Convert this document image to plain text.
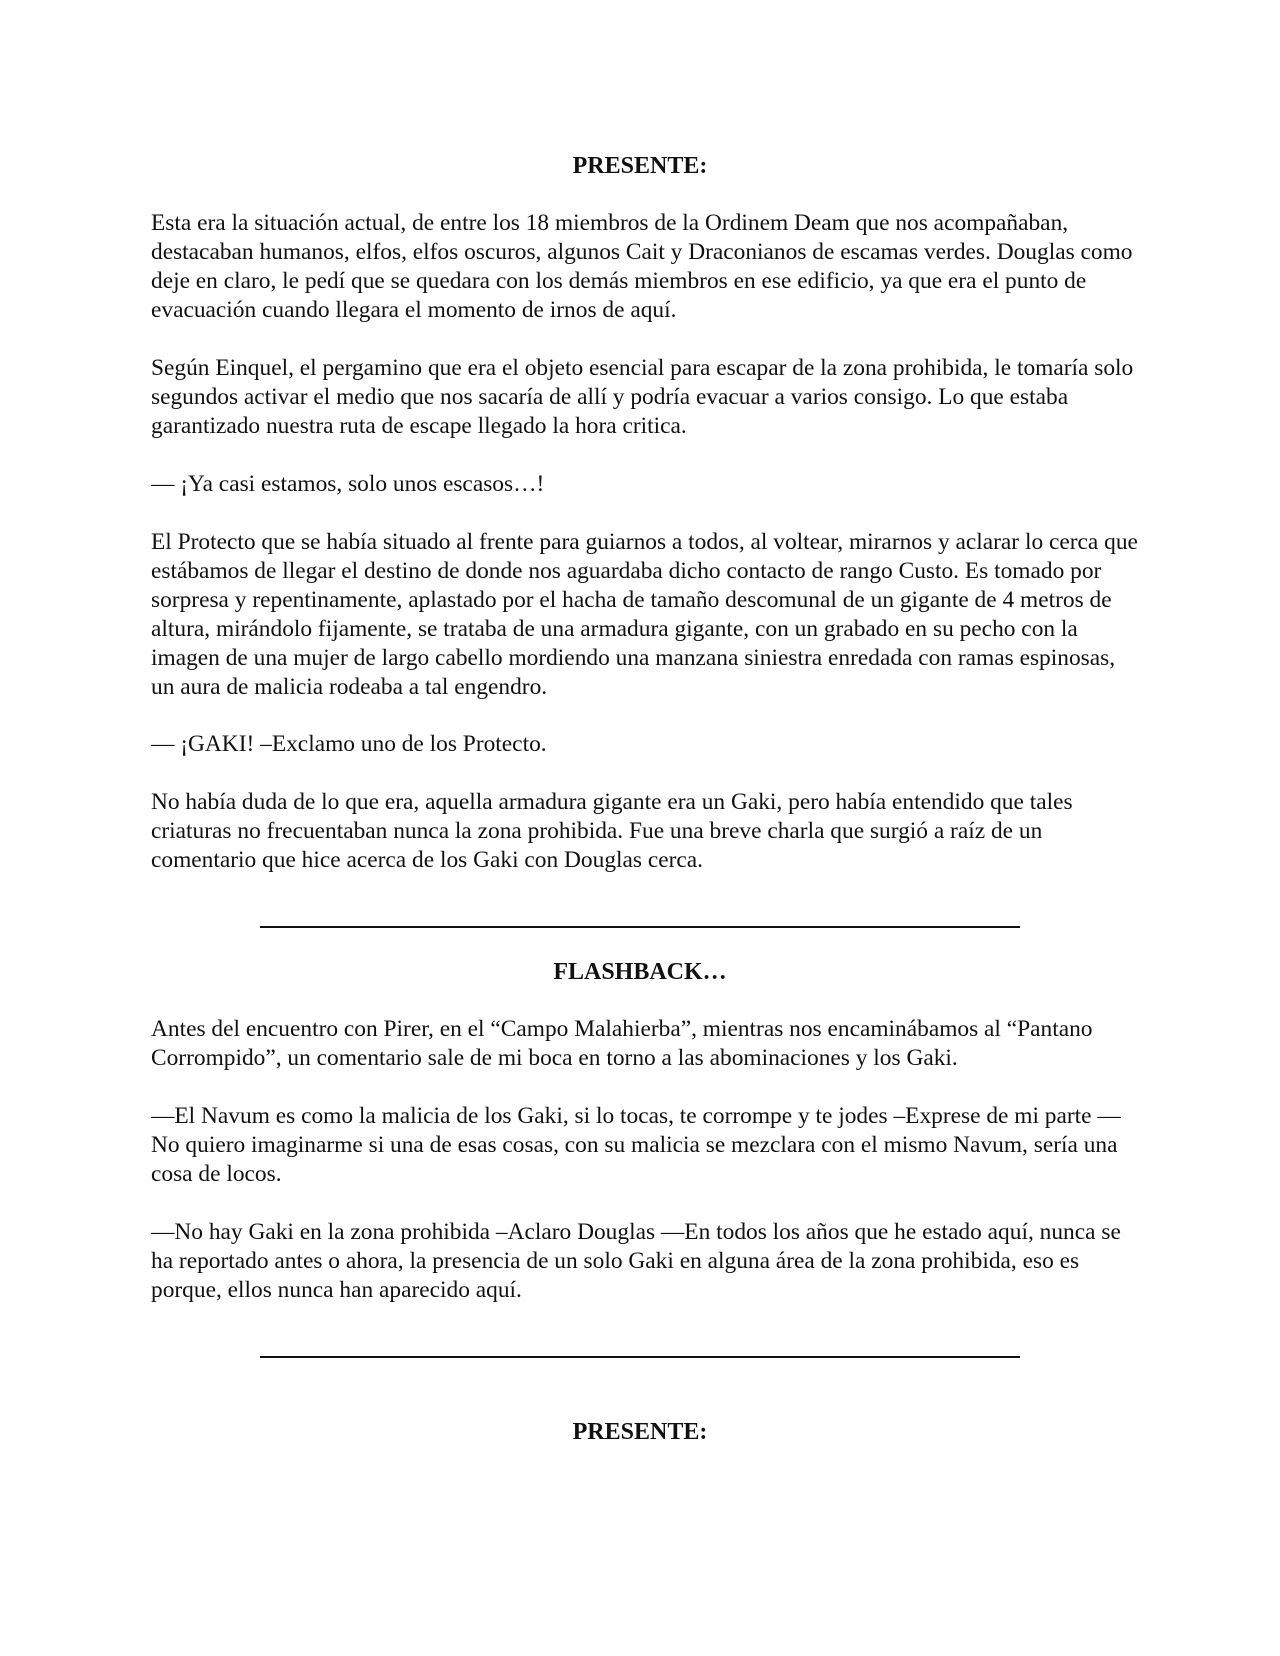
PRESENTE:

Esta era la situación actual, de entre los 18 miembros de la Ordinem Deam que nos acompañaban, destacaban humanos, elfos, elfos oscuros, algunos Cait y Draconianos de escamas verdes. Douglas como deje en claro, le pedí que se quedara con los demás miembros en ese edificio, ya que era el punto de evacuación cuando llegara el momento de irnos de aquí.

Según Einquel, el pergamino que era el objeto esencial para escapar de la zona prohibida, le tomaría solo segundos activar el medio que nos sacaría de allí y podría evacuar a varios consigo. Lo que estaba garantizado nuestra ruta de escape llegado la hora critica.

— ¡Ya casi estamos, solo unos escasos…!

El Protecto que se había situado al frente para guiarnos a todos, al voltear, mirarnos y aclarar lo cerca que estábamos de llegar el destino de donde nos aguardaba dicho contacto de rango Custo. Es tomado por sorpresa y repentinamente, aplastado por el hacha de tamaño descomunal de un gigante de 4 metros de altura, mirándolo fijamente, se trataba de una armadura gigante, con un grabado en su pecho con la imagen de una mujer de largo cabello mordiendo una manzana siniestra enredada con ramas espinosas, un aura de malicia rodeaba a tal engendro.

— ¡GAKI! –Exclamo uno de los Protecto.

No había duda de lo que era, aquella armadura gigante era un Gaki, pero había entendido que tales criaturas no frecuentaban nunca la zona prohibida. Fue una breve charla que surgió a raíz de un comentario que hice acerca de los Gaki con Douglas cerca.

FLASHBACK…

Antes del encuentro con Pirer, en el “Campo Malahierba”, mientras nos encaminábamos al “Pantano Corrompido”, un comentario sale de mi boca en torno a las abominaciones y los Gaki.

—El Navum es como la malicia de los Gaki, si lo tocas, te corrompe y te jodes –Exprese de mi parte —No quiero imaginarme si una de esas cosas, con su malicia se mezclara con el mismo Navum, sería una cosa de locos.

—No hay Gaki en la zona prohibida –Aclaro Douglas —En todos los años que he estado aquí, nunca se ha reportado antes o ahora, la presencia de un solo Gaki en alguna área de la zona prohibida, eso es porque, ellos nunca han aparecido aquí.

PRESENTE:
